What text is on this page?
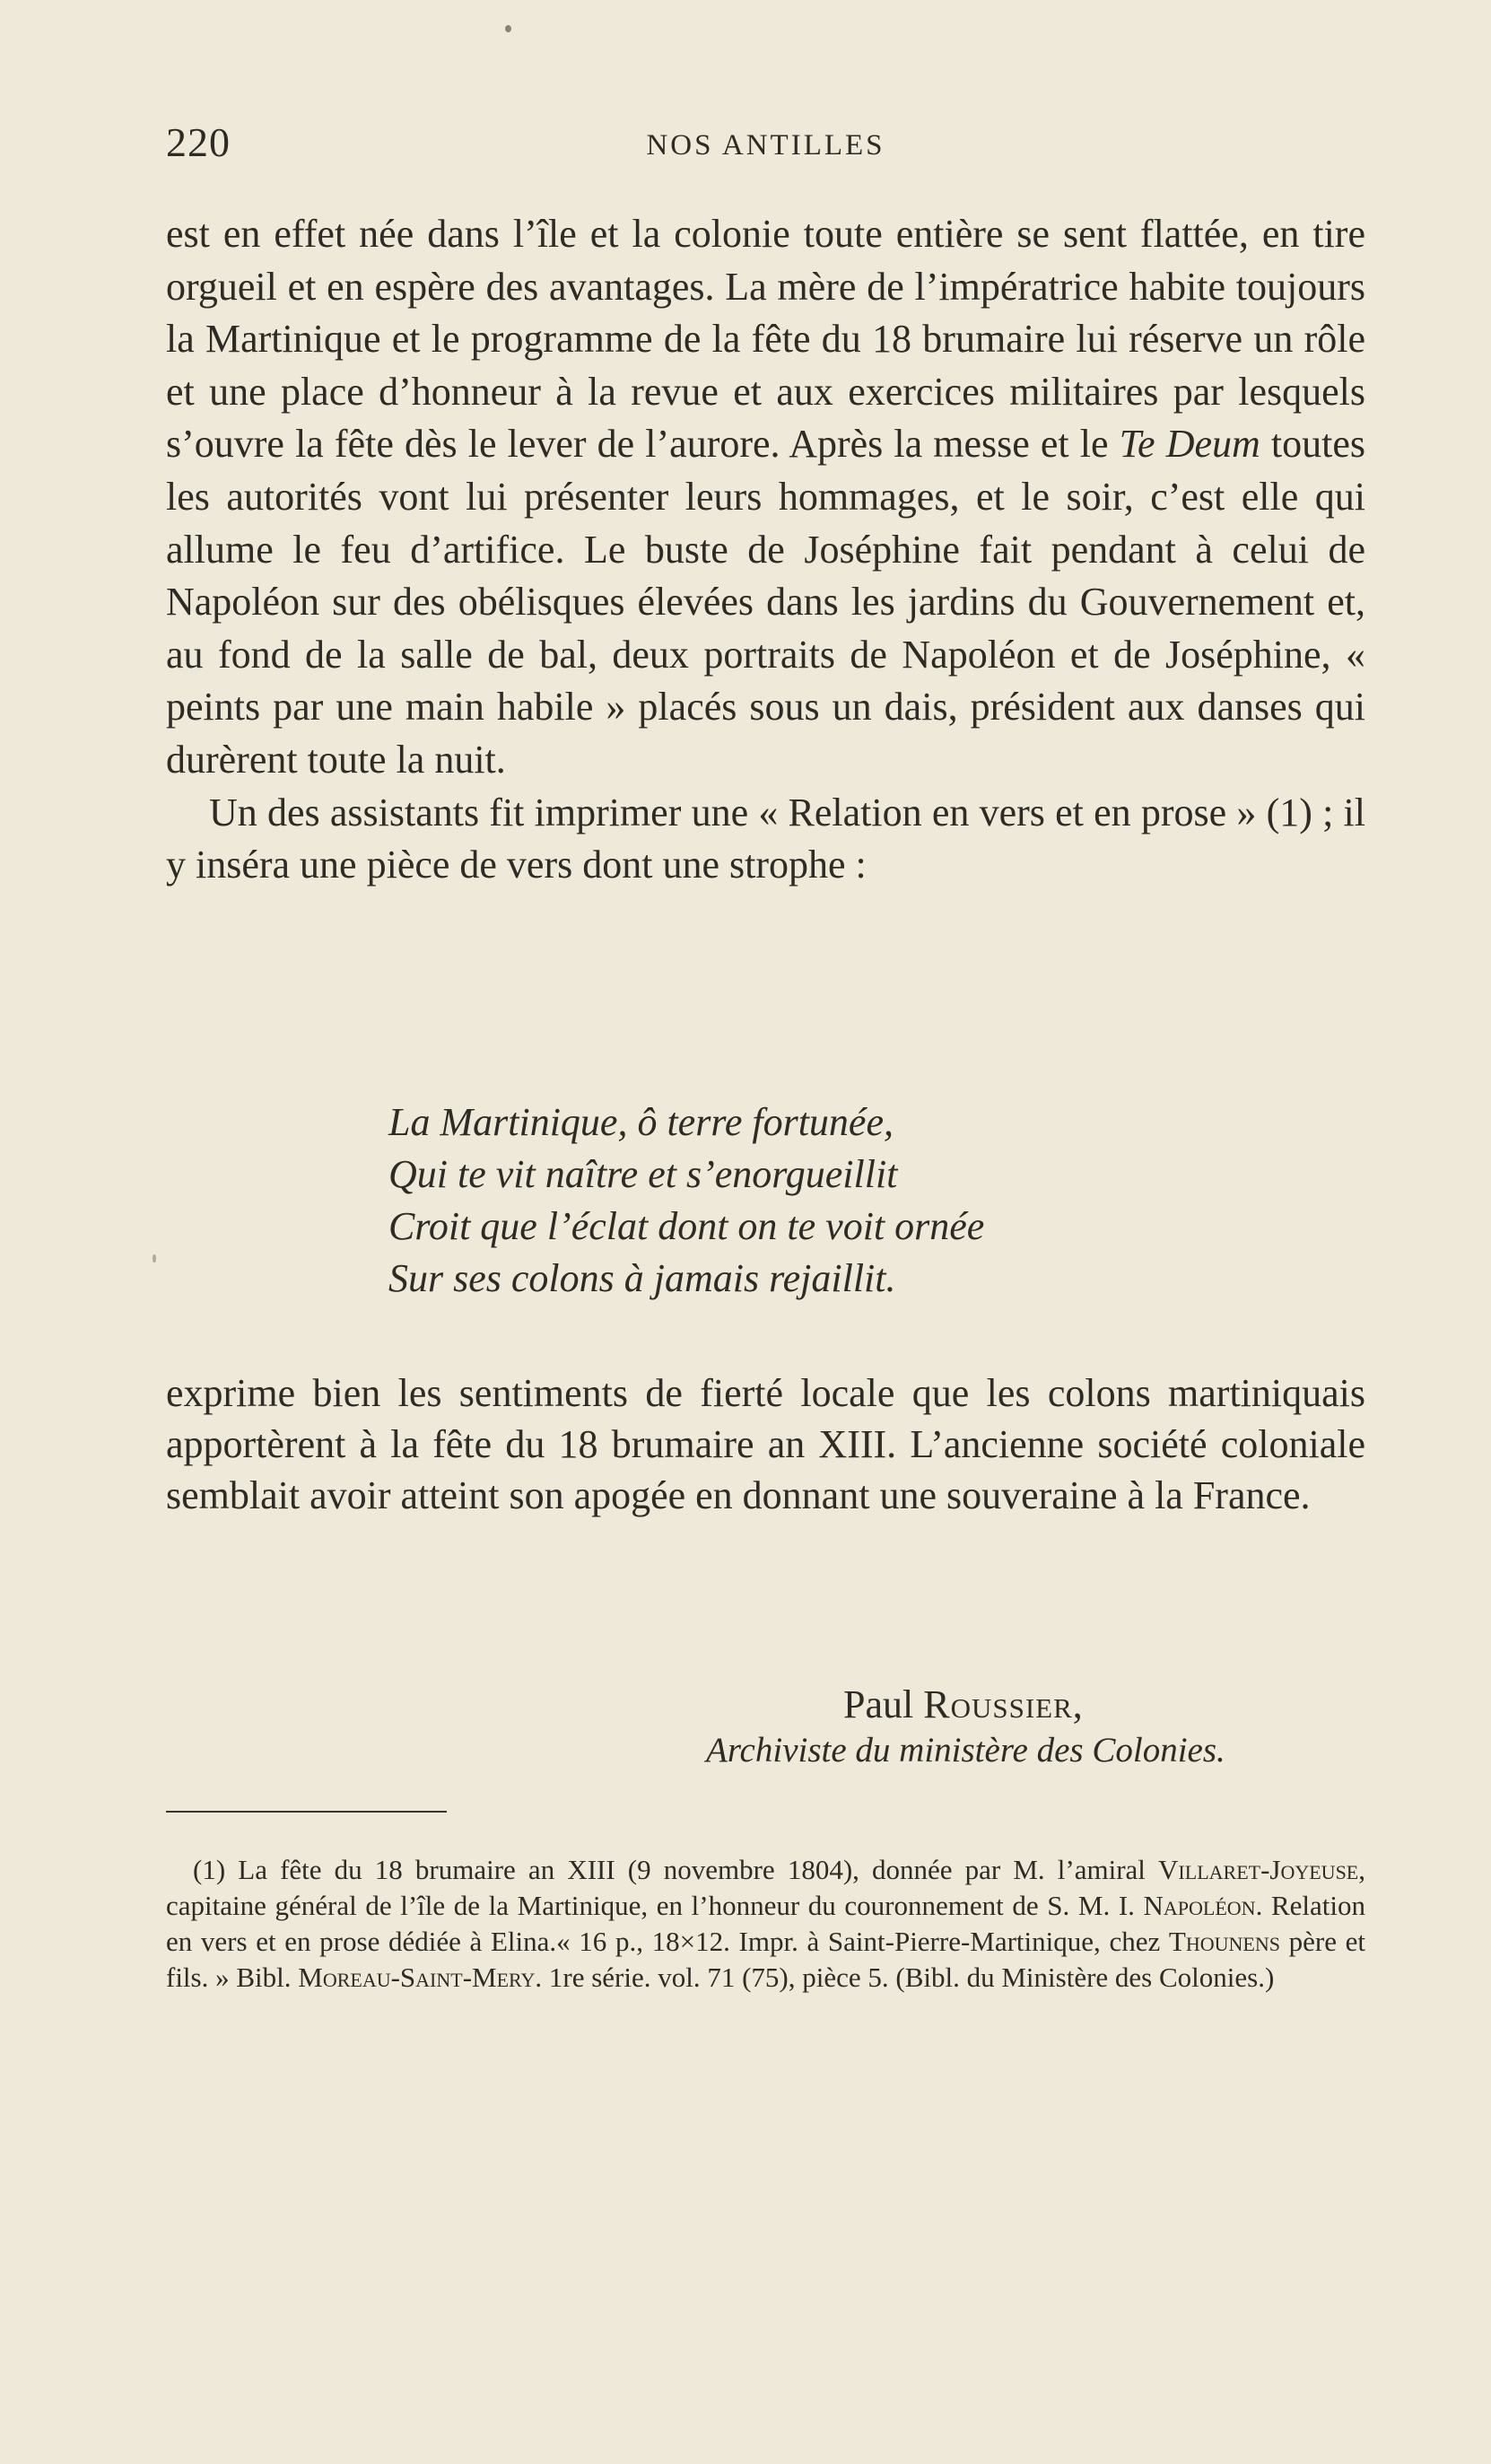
220	NOS ANTILLES

est en effet née dans l’île et la colonie toute entière se sent flattée, en tire orgueil et en espère des avantages. La mère de l’impératrice habite toujours la Martinique et le programme de la fête du 18 brumaire lui réserve un rôle et une place d’honneur à la revue et aux exercices militaires par lesquels s’ouvre la fête dès le lever de l’aurore. Après la messe et le Te Deum toutes les autorités vont lui présenter leurs hommages, et le soir, c’est elle qui allume le feu d’artifice. Le buste de Joséphine fait pendant à celui de Napoléon sur des obélisques élevées dans les jardins du Gouvernement et, au fond de la salle de bal, deux portraits de Napoléon et de Joséphine, « peints par une main habile » placés sous un dais, président aux danses qui durèrent toute la nuit.

Un des assistants fit imprimer une « Relation en vers et en prose » (1) ; il y inséra une pièce de vers dont une strophe :

La Martinique, ô terre fortunée,
Qui te vit naître et s’enorgueillit
Croit que l’éclat dont on te voit ornée
Sur ses colons à jamais rejaillit.

exprime bien les sentiments de fierté locale que les colons martiniquais apportèrent à la fête du 18 brumaire an XIII. L’ancienne société coloniale semblait avoir atteint son apogée en donnant une souveraine à la France.

Paul Roussier,
Archiviste du ministère des Colonies.
(1) La fête du 18 brumaire an XIII (9 novembre 1804), donnée par M. l’amiral Villaret-Joyeuse, capitaine général de l’île de la Martinique, en l’honneur du couronnement de S. M. I. Napoléon. Relation en vers et en prose dédiée à Elina.« 16 p., 18×12. Impr. à Saint-Pierre-Martinique, chez Thounens père et fils. » Bibl. Moreau-Saint-Mery. 1re série. vol. 71 (75), pièce 5. (Bibl. du Ministère des Colonies.)
